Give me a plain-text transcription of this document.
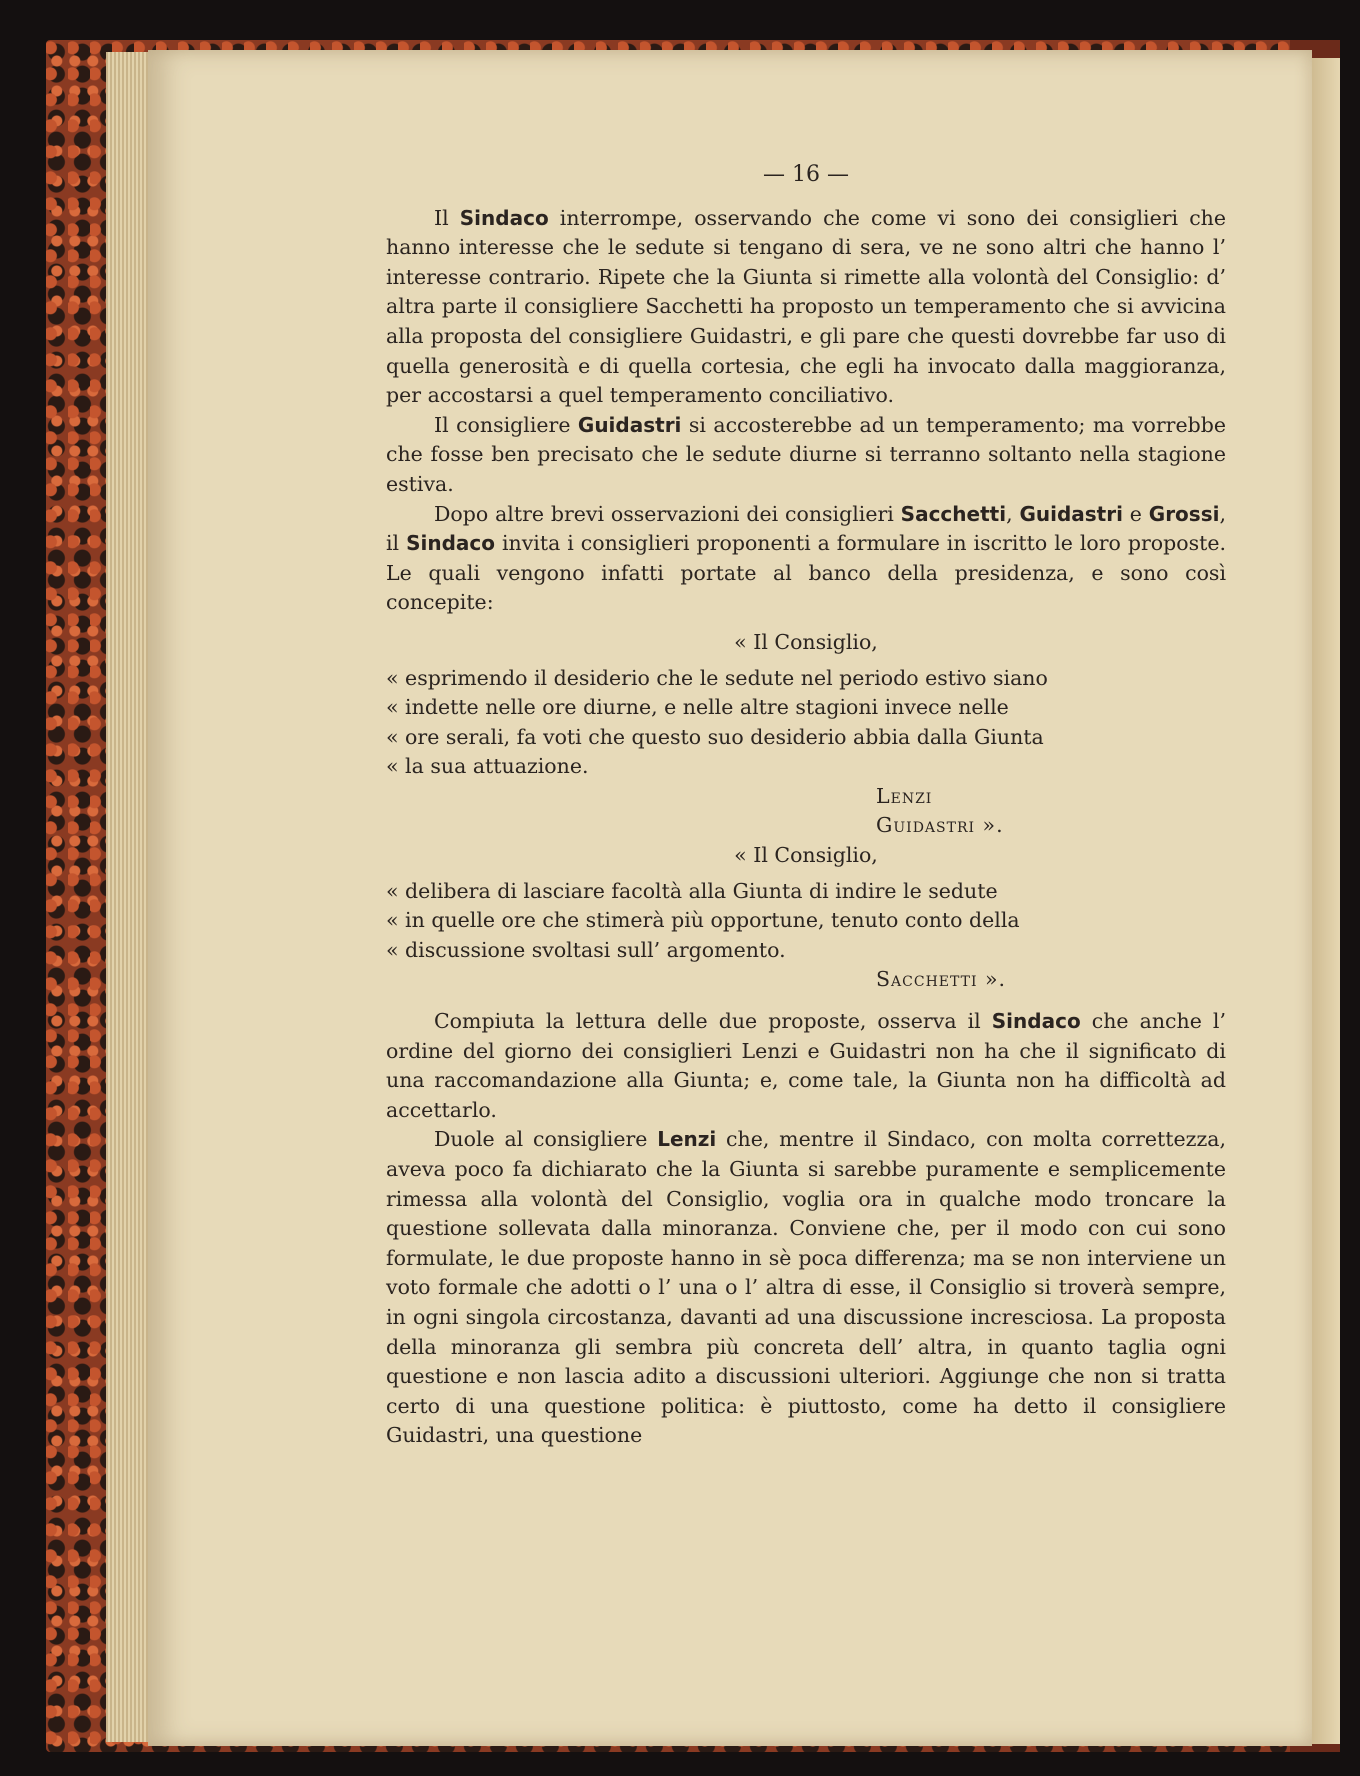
— 16 —

Il Sindaco interrompe, osservando che come vi sono dei consiglieri che hanno interesse che le sedute si tengano di sera, ve ne sono altri che hanno l’ interesse contrario. Ripete che la Giunta si rimette alla volontà del Consiglio: d’ altra parte il consigliere Sacchetti ha proposto un temperamento che si avvicina alla proposta del consigliere Guidastri, e gli pare che questi dovrebbe far uso di quella generosità e di quella cortesia, che egli ha invocato dalla maggioranza, per accostarsi a quel temperamento conciliativo.

Il consigliere Guidastri si accosterebbe ad un temperamento; ma vorrebbe che fosse ben precisato che le sedute diurne si terranno soltanto nella stagione estiva.

Dopo altre brevi osservazioni dei consiglieri Sacchetti, Guidastri e Grossi, il Sindaco invita i consiglieri proponenti a formulare in iscritto le loro proposte. Le quali vengono infatti portate al banco della presidenza, e sono così concepite:

« Il Consiglio,

« esprimendo il desiderio che le sedute nel periodo estivo siano

« indette nelle ore diurne, e nelle altre stagioni invece nelle

« ore serali, fa voti che questo suo desiderio abbia dalla Giunta

« la sua attuazione.

Lenzi

Guidastri ».

« Il Consiglio,

« delibera di lasciare facoltà alla Giunta di indire le sedute

« in quelle ore che stimerà più opportune, tenuto conto della

« discussione svoltasi sull’ argomento.

Sacchetti ».

Compiuta la lettura delle due proposte, osserva il Sindaco che anche l’ ordine del giorno dei consiglieri Lenzi e Guidastri non ha che il significato di una raccomandazione alla Giunta; e, come tale, la Giunta non ha difficoltà ad accettarlo.

Duole al consigliere Lenzi che, mentre il Sindaco, con molta correttezza, aveva poco fa dichiarato che la Giunta si sarebbe puramente e semplicemente rimessa alla volontà del Consiglio, voglia ora in qualche modo troncare la questione sollevata dalla minoranza. Conviene che, per il modo con cui sono formulate, le due proposte hanno in sè poca differenza; ma se non interviene un voto formale che adotti o l’ una o l’ altra di esse, il Consiglio si troverà sempre, in ogni singola circostanza, davanti ad una discussione incresciosa. La proposta della minoranza gli sembra più concreta dell’ altra, in quanto taglia ogni questione e non lascia adito a discussioni ulteriori. Aggiunge che non si tratta certo di una questione politica: è piuttosto, come ha detto il consigliere Guidastri, una questione
